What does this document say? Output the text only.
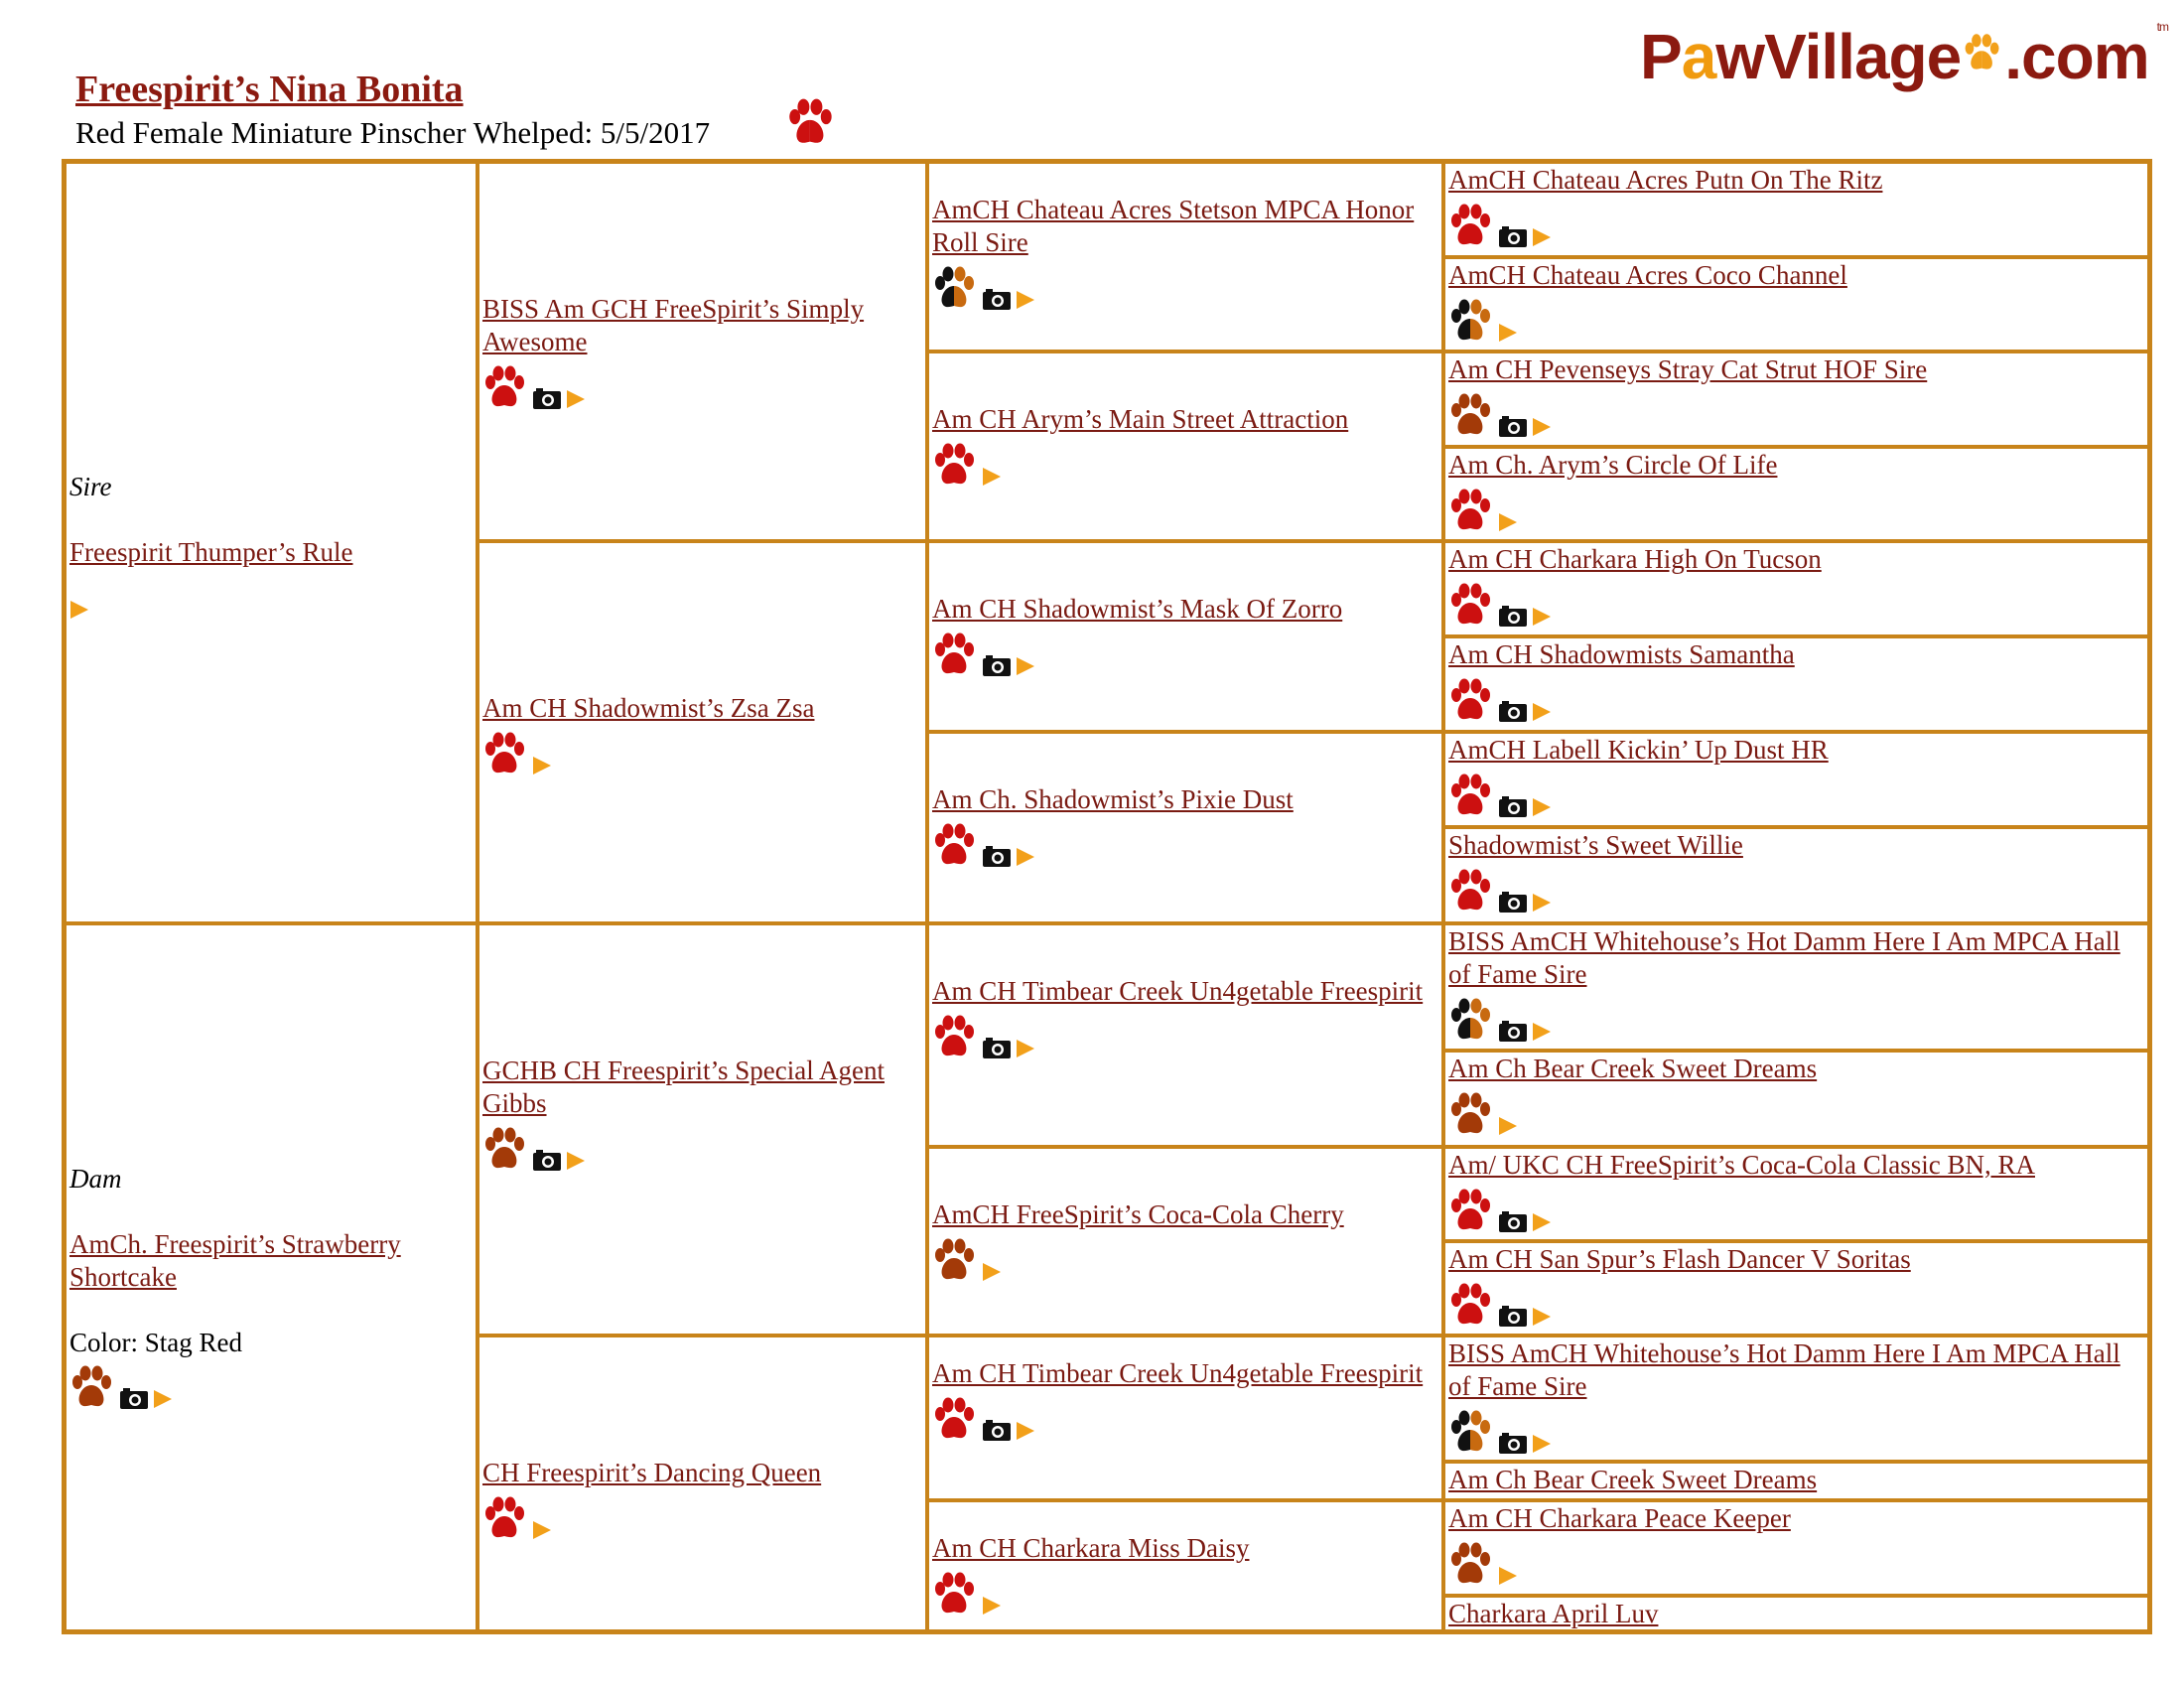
PawVillage .com tm
Freespirit’s Nina Bonita
Red Female Miniature Pinscher Whelped: 5/5/2017
Sire
Freespirit Thumper’s Rule
Dam
AmCh. Freespirit’s Strawberry Shortcake
Color: Stag Red
BISS Am GCH FreeSpirit’s Simply Awesome
Am CH Shadowmist’s Zsa Zsa
GCHB CH Freespirit’s Special Agent Gibbs
CH Freespirit’s Dancing Queen
AmCH Chateau Acres Stetson MPCA Honor Roll Sire
Am CH Arym’s Main Street Attraction
Am CH Shadowmist’s Mask Of Zorro
Am Ch. Shadowmist’s Pixie Dust
Am CH Timbear Creek Un4getable Freespirit
AmCH FreeSpirit’s Coca-Cola Cherry
Am CH Timbear Creek Un4getable Freespirit
Am CH Charkara Miss Daisy
AmCH Chateau Acres Putn On The Ritz
AmCH Chateau Acres Coco Channel
Am CH Pevenseys Stray Cat Strut HOF Sire
Am Ch. Arym’s Circle Of Life
Am CH Charkara High On Tucson
Am CH Shadowmists Samantha
AmCH Labell Kickin’ Up Dust HR
Shadowmist’s Sweet Willie
BISS AmCH Whitehouse’s Hot Damm Here I Am MPCA Hall of Fame Sire
Am Ch Bear Creek Sweet Dreams
Am/ UKC CH FreeSpirit’s Coca-Cola Classic BN, RA
Am CH San Spur’s Flash Dancer V Soritas
BISS AmCH Whitehouse’s Hot Damm Here I Am MPCA Hall of Fame Sire
Am Ch Bear Creek Sweet Dreams
Am CH Charkara Peace Keeper
Charkara April Luv
